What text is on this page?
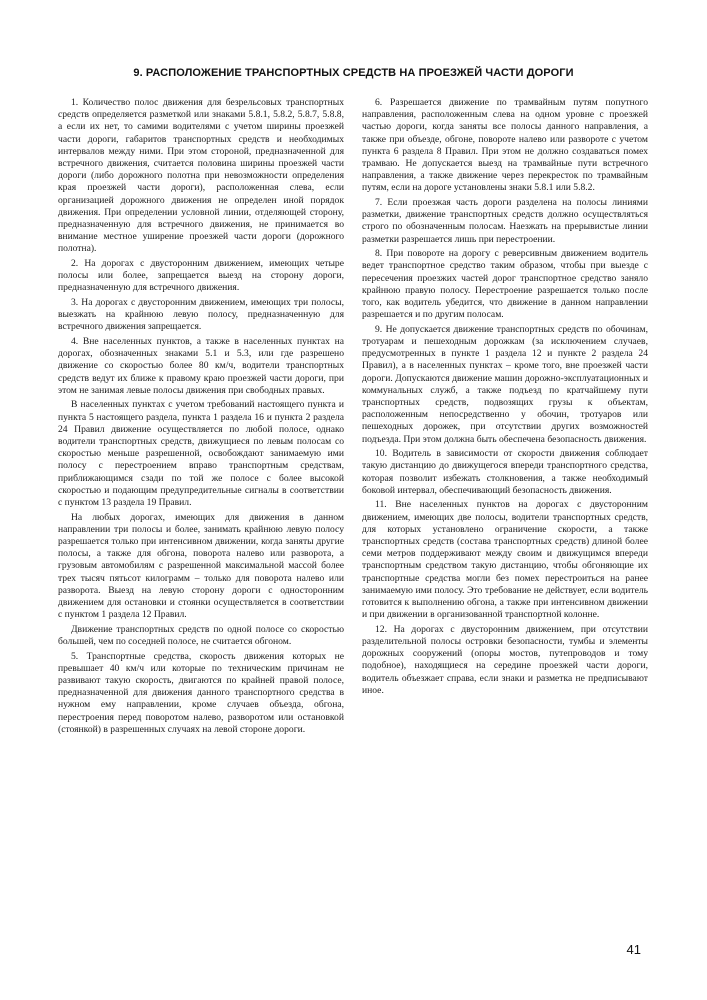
9. РАСПОЛОЖЕНИЕ ТРАНСПОРТНЫХ СРЕДСТВ НА ПРОЕЗЖЕЙ ЧАСТИ ДОРОГИ

1. Количество полос движения для безрельсовых транспортных средств определяется разметкой или знаками 5.8.1, 5.8.2, 5.8.7, 5.8.8, а если их нет, то самими водителями с учетом ширины проезжей части дороги, габаритов транспортных средств и необходимых интервалов между ними. При этом стороной, предназначенной для встречного движения, считается половина ширины проезжей части дороги (либо дорожного полотна при невозможности определения края проезжей части дороги), расположенная слева, если организацией дорожного движения не определен иной порядок движения. При определении условной линии, отделяющей сторону, предназначенную для встречного движения, не принимается во внимание местное уширение проезжей части дороги (дорожного полотна).

2. На дорогах с двусторонним движением, имеющих четыре полосы или более, запрещается выезд на сторону дороги, предназначенную для встречного движения.

3. На дорогах с двусторонним движением, имеющих три полосы, выезжать на крайнюю левую полосу, предназначенную для встречного движения запрещается.

4. Вне населенных пунктов, а также в населенных пунктах на дорогах, обозначенных знаками 5.1 и 5.3, или где разрешено движение со скоростью более 80 км/ч, водители транспортных средств ведут их ближе к правому краю проезжей части дороги, при этом не занимая левые полосы движения при свободных правых.

В населенных пунктах с учетом требований настоящего пункта и пункта 5 настоящего раздела, пункта 1 раздела 16 и пункта 2 раздела 24 Правил движение осуществляется по любой полосе, однако водители транспортных средств, движущиеся по левым полосам со скоростью меньше разрешенной, освобождают занимаемую ими полосу с перестроением вправо транспортным средствам, приближающимся сзади по той же полосе с более высокой скоростью и подающим предупредительные сигналы в соответствии с пунктом 13 раздела 19 Правил.

На любых дорогах, имеющих для движения в данном направлении три полосы и более, занимать крайнюю левую полосу разрешается только при интенсивном движении, когда заняты другие полосы, а также для обгона, поворота налево или разворота, а грузовым автомобилям с разрешенной максимальной массой более трех тысяч пятьсот килограмм – только для поворота налево или разворота. Выезд на левую сторону дороги с односторонним движением для остановки и стоянки осуществляется в соответствии с пунктом 1 раздела 12 Правил.

Движение транспортных средств по одной полосе со скоростью большей, чем по соседней полосе, не считается обгоном.

5. Транспортные средства, скорость движения которых не превышает 40 км/ч или которые по техническим причинам не развивают такую скорость, двигаются по крайней правой полосе, предназначенной для движения данного транспортного средства в нужном ему направлении, кроме случаев объезда, обгона, перестроения перед поворотом налево, разворотом или остановкой (стоянкой) в разрешенных случаях на левой стороне дороги.

6. Разрешается движение по трамвайным путям попутного направления, расположенным слева на одном уровне с проезжей частью дороги, когда заняты все полосы данного направления, а также при объезде, обгоне, повороте налево или развороте с учетом пункта 6 раздела 8 Правил. При этом не должно создаваться помех трамваю. Не допускается выезд на трамвайные пути встречного направления, а также движение через перекресток по трамвайным путям, если на дороге установлены знаки 5.8.1 или 5.8.2.

7. Если проезжая часть дороги разделена на полосы линиями разметки, движение транспортных средств должно осуществляться строго по обозначенным полосам. Наезжать на прерывистые линии разметки разрешается лишь при перестроении.

8. При повороте на дорогу с реверсивным движением водитель ведет транспортное средство таким образом, чтобы при выезде с пересечения проезжих частей дорог транспортное средство заняло крайнюю правую полосу. Перестроение разрешается только после того, как водитель убедится, что движение в данном направлении разрешается и по другим полосам.

9. Не допускается движение транспортных средств по обочинам, тротуарам и пешеходным дорожкам (за исключением случаев, предусмотренных в пункте 1 раздела 12 и пункте 2 раздела 24 Правил), а в населенных пунктах – кроме того, вне проезжей части дороги. Допускаются движение машин дорожно-эксплуатационных и коммунальных служб, а также подъезд по кратчайшему пути транспортных средств, подвозящих грузы к объектам, расположенным непосредственно у обочин, тротуаров или пешеходных дорожек, при отсутствии других возможностей подъезда. При этом должна быть обеспечена безопасность движения.

10. Водитель в зависимости от скорости движения соблюдает такую дистанцию до движущегося впереди транспортного средства, которая позволит избежать столкновения, а также необходимый боковой интервал, обеспечивающий безопасность движения.

11. Вне населенных пунктов на дорогах с двусторонним движением, имеющих две полосы, водители транспортных средств, для которых установлено ограничение скорости, а также транспортных средств (состава транспортных средств) длиной более семи метров поддерживают между своим и движущимся впереди транспортным средством такую дистанцию, чтобы обгоняющие их транспортные средства могли без помех перестроиться на ранее занимаемую ими полосу. Это требование не действует, если водитель готовится к выполнению обгона, а также при интенсивном движении и при движении в организованной транспортной колонне.

12. На дорогах с двусторонним движением, при отсутствии разделительной полосы островки безопасности, тумбы и элементы дорожных сооружений (опоры мостов, путепроводов и тому подобное), находящиеся на середине проезжей части дороги, водитель объезжает справа, если знаки и разметка не предписывают иное.

41
